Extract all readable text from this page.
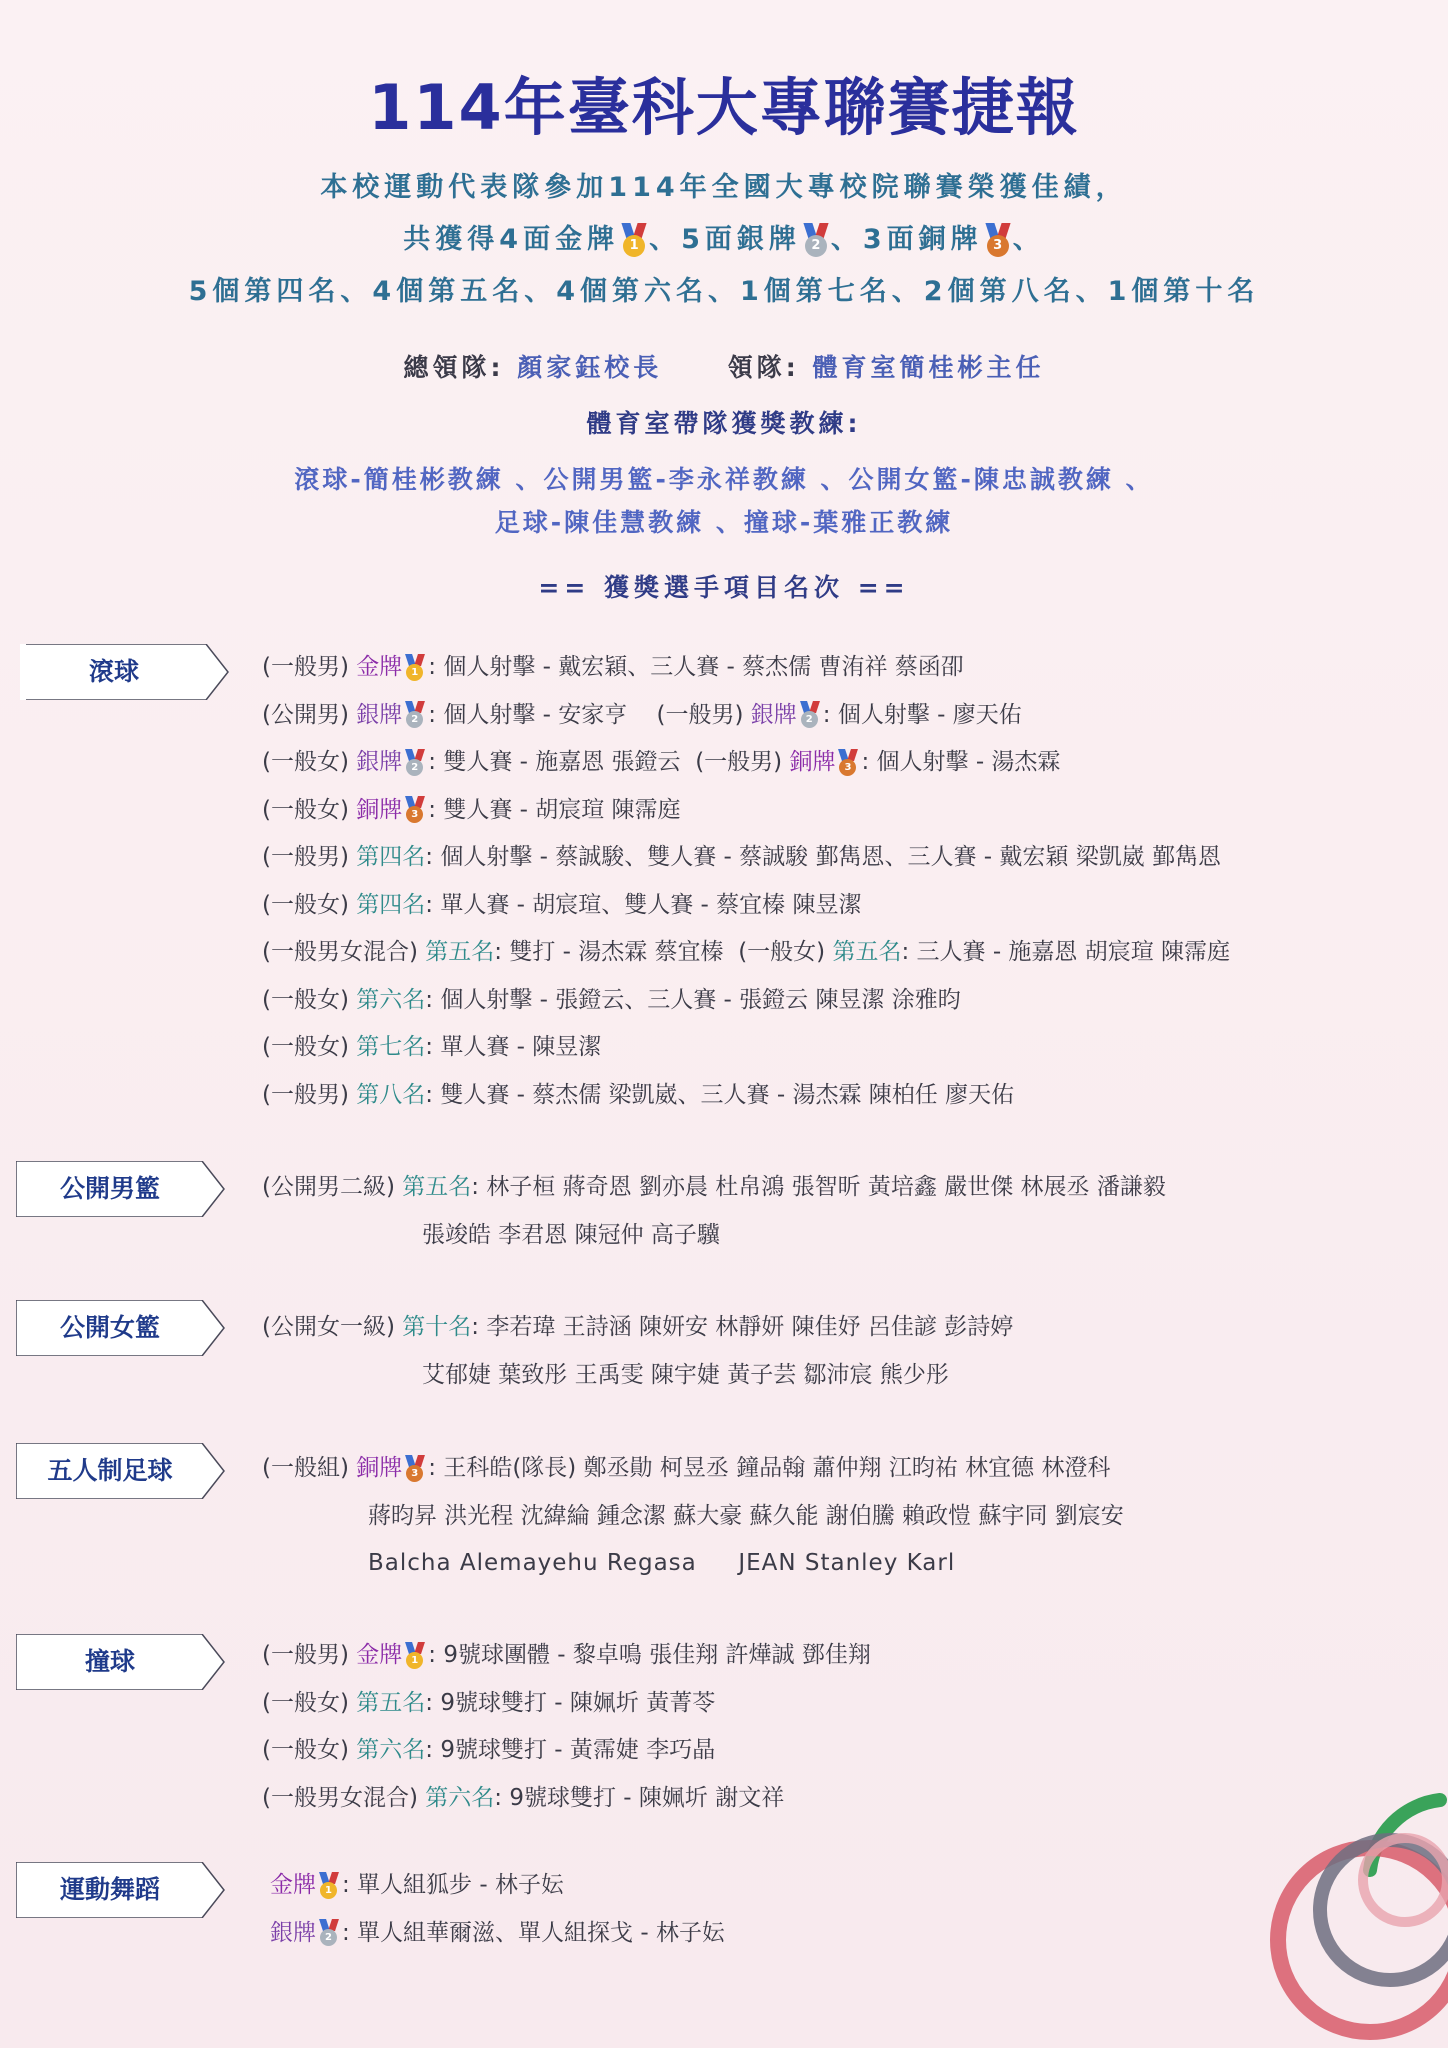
114年臺科大專聯賽捷報
本校運動代表隊參加114年全國大專校院聯賽榮獲佳績，
共獲得4面金牌 1 、5面銀牌 2 、3面銅牌 3 、
5個第四名、4個第五名、4個第六名、1個第七名、2個第八名、1個第十名
總領隊: 顏家鈺校長	領隊: 體育室簡桂彬主任
體育室帶隊獲獎教練:
滾球-簡桂彬教練 、公開男籃-李永祥教練 、公開女籃-陳忠誠教練 、
足球-陳佳慧教練 、撞球-葉雅正教練
== 獲獎選手項目名次 ==
滾球
公開男籃
公開女籃
五人制足球
撞球
運動舞蹈
(一般男) 金牌 1 : 個人射擊 - 戴宏穎、三人賽 - 蔡杰儒 曹洧祥 蔡函卲
(公開男) 銀牌 2 : 個人射擊 - 安家亨 (一般男) 銀牌 2 : 個人射擊 - 廖天佑
(一般女) 銀牌 2 : 雙人賽 - 施嘉恩 張鐙云 (一般男) 銅牌 3 : 個人射擊 - 湯杰霖
(一般女) 銅牌 3 : 雙人賽 - 胡宸瑄 陳霈庭
(一般男) 第四名: 個人射擊 - 蔡誠駿、雙人賽 - 蔡誠駿 鄞雋恩、三人賽 - 戴宏穎 梁凱崴 鄞雋恩
(一般女) 第四名: 單人賽 - 胡宸瑄、雙人賽 - 蔡宜榛 陳昱潔
(一般男女混合) 第五名: 雙打 - 湯杰霖 蔡宜榛 (一般女) 第五名: 三人賽 - 施嘉恩 胡宸瑄 陳霈庭
(一般女) 第六名: 個人射擊 - 張鐙云、三人賽 - 張鐙云 陳昱潔 涂雅昀
(一般女) 第七名: 單人賽 - 陳昱潔
(一般男) 第八名: 雙人賽 - 蔡杰儒 梁凱崴、三人賽 - 湯杰霖 陳柏任 廖天佑
(公開男二級) 第五名: 林子桓 蔣奇恩 劉亦晨 杜帛鴻 張智昕 黃培鑫 嚴世傑 林展丞 潘謙毅
張竣皓 李君恩 陳冠仲 高子驥
(公開女一級) 第十名: 李若瑋 王詩涵 陳妍安 林靜妍 陳佳妤 呂佳諺 彭詩婷
艾郁婕 葉致彤 王禹雯 陳宇婕 黃子芸 鄒沛宸 熊少彤
(一般組) 銅牌 3 : 王科皓(隊長) 鄭丞勛 柯昱丞 鐘品翰 蕭仲翔 江昀祐 林宜德 林澄科
蔣昀昇 洪光程 沈緯綸 鍾念潔 蘇大豪 蘇久能 謝伯騰 賴政愷 蘇宇同 劉宸安
Balcha Alemayehu Regasa     JEAN Stanley Karl
(一般男) 金牌 1 : 9號球團體 - 黎卓鳴 張佳翔 許燁誠 鄧佳翔
(一般女) 第五名: 9號球雙打 - 陳姵圻 黃菁苓
(一般女) 第六名: 9號球雙打 - 黃霈婕 李巧晶
(一般男女混合) 第六名: 9號球雙打 - 陳姵圻 謝文祥
金牌 1 : 單人組狐步 - 林子妘
銀牌 2 : 單人組華爾滋、單人組探戈 - 林子妘
